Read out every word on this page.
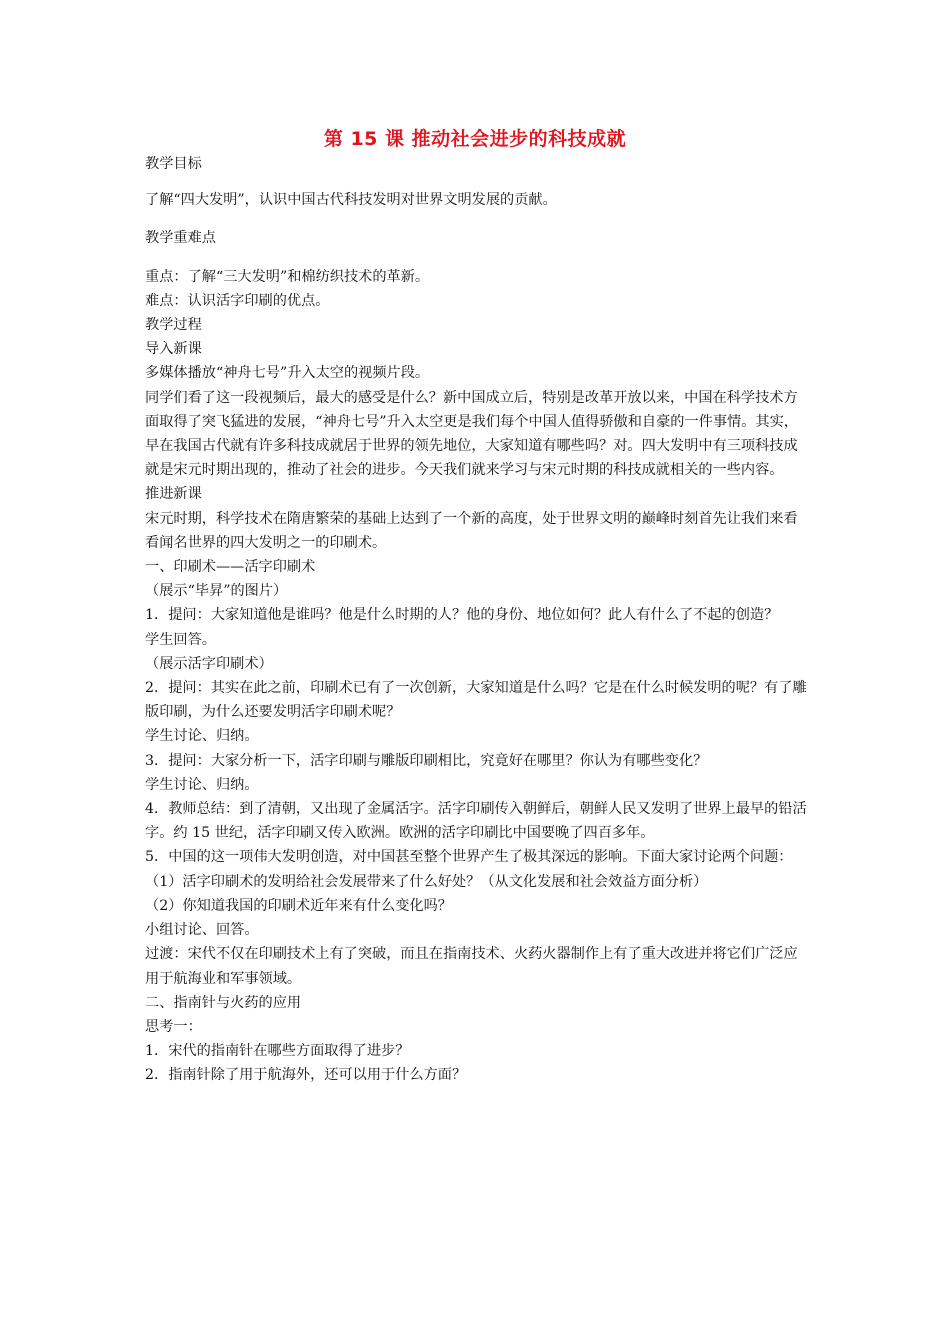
第 15 课 推动社会进步的科技成就

教学目标

了解“四大发明”，认识中国古代科技发明对世界文明发展的贡献。

教学重难点

重点：了解“三大发明”和棉纺织技术的革新。

难点：认识活字印刷的优点。

教学过程

导入新课

多媒体播放“神舟七号”升入太空的视频片段。

同学们看了这一段视频后，最大的感受是什么？新中国成立后，特别是改革开放以来，中国在科学技术方面取得了突飞猛进的发展，“神舟七号”升入太空更是我们每个中国人值得骄傲和自豪的一件事情。其实，早在我国古代就有许多科技成就居于世界的领先地位，大家知道有哪些吗？对。四大发明中有三项科技成就是宋元时期出现的，推动了社会的进步。今天我们就来学习与宋元时期的科技成就相关的一些内容。

推进新课

宋元时期，科学技术在隋唐繁荣的基础上达到了一个新的高度，处于世界文明的巅峰时刻首先让我们来看看闻名世界的四大发明之一的印刷术。

一、印刷术——活字印刷术

（展示“毕昇”的图片）

1．提问：大家知道他是谁吗？他是什么时期的人？他的身份、地位如何？此人有什么了不起的创造？

学生回答。

（展示活字印刷术）

2．提问：其实在此之前，印刷术已有了一次创新，大家知道是什么吗？它是在什么时候发明的呢？有了雕版印刷，为什么还要发明活字印刷术呢？

学生讨论、归纳。

3．提问：大家分析一下，活字印刷与雕版印刷相比，究竟好在哪里？你认为有哪些变化？

学生讨论、归纳。

4．教师总结：到了清朝，又出现了金属活字。活字印刷传入朝鲜后，朝鲜人民又发明了世界上最早的铅活字。约 15 世纪，活字印刷又传入欧洲。欧洲的活字印刷比中国要晚了四百多年。

5．中国的这一项伟大发明创造，对中国甚至整个世界产生了极其深远的影响。下面大家讨论两个问题：

（1）活字印刷术的发明给社会发展带来了什么好处？（从文化发展和社会效益方面分析）

（2）你知道我国的印刷术近年来有什么变化吗？

小组讨论、回答。

过渡：宋代不仅在印刷技术上有了突破，而且在指南技术、火药火器制作上有了重大改进并将它们广泛应用于航海业和军事领域。

二、指南针与火药的应用

思考一：

1．宋代的指南针在哪些方面取得了进步？

2．指南针除了用于航海外，还可以用于什么方面？
